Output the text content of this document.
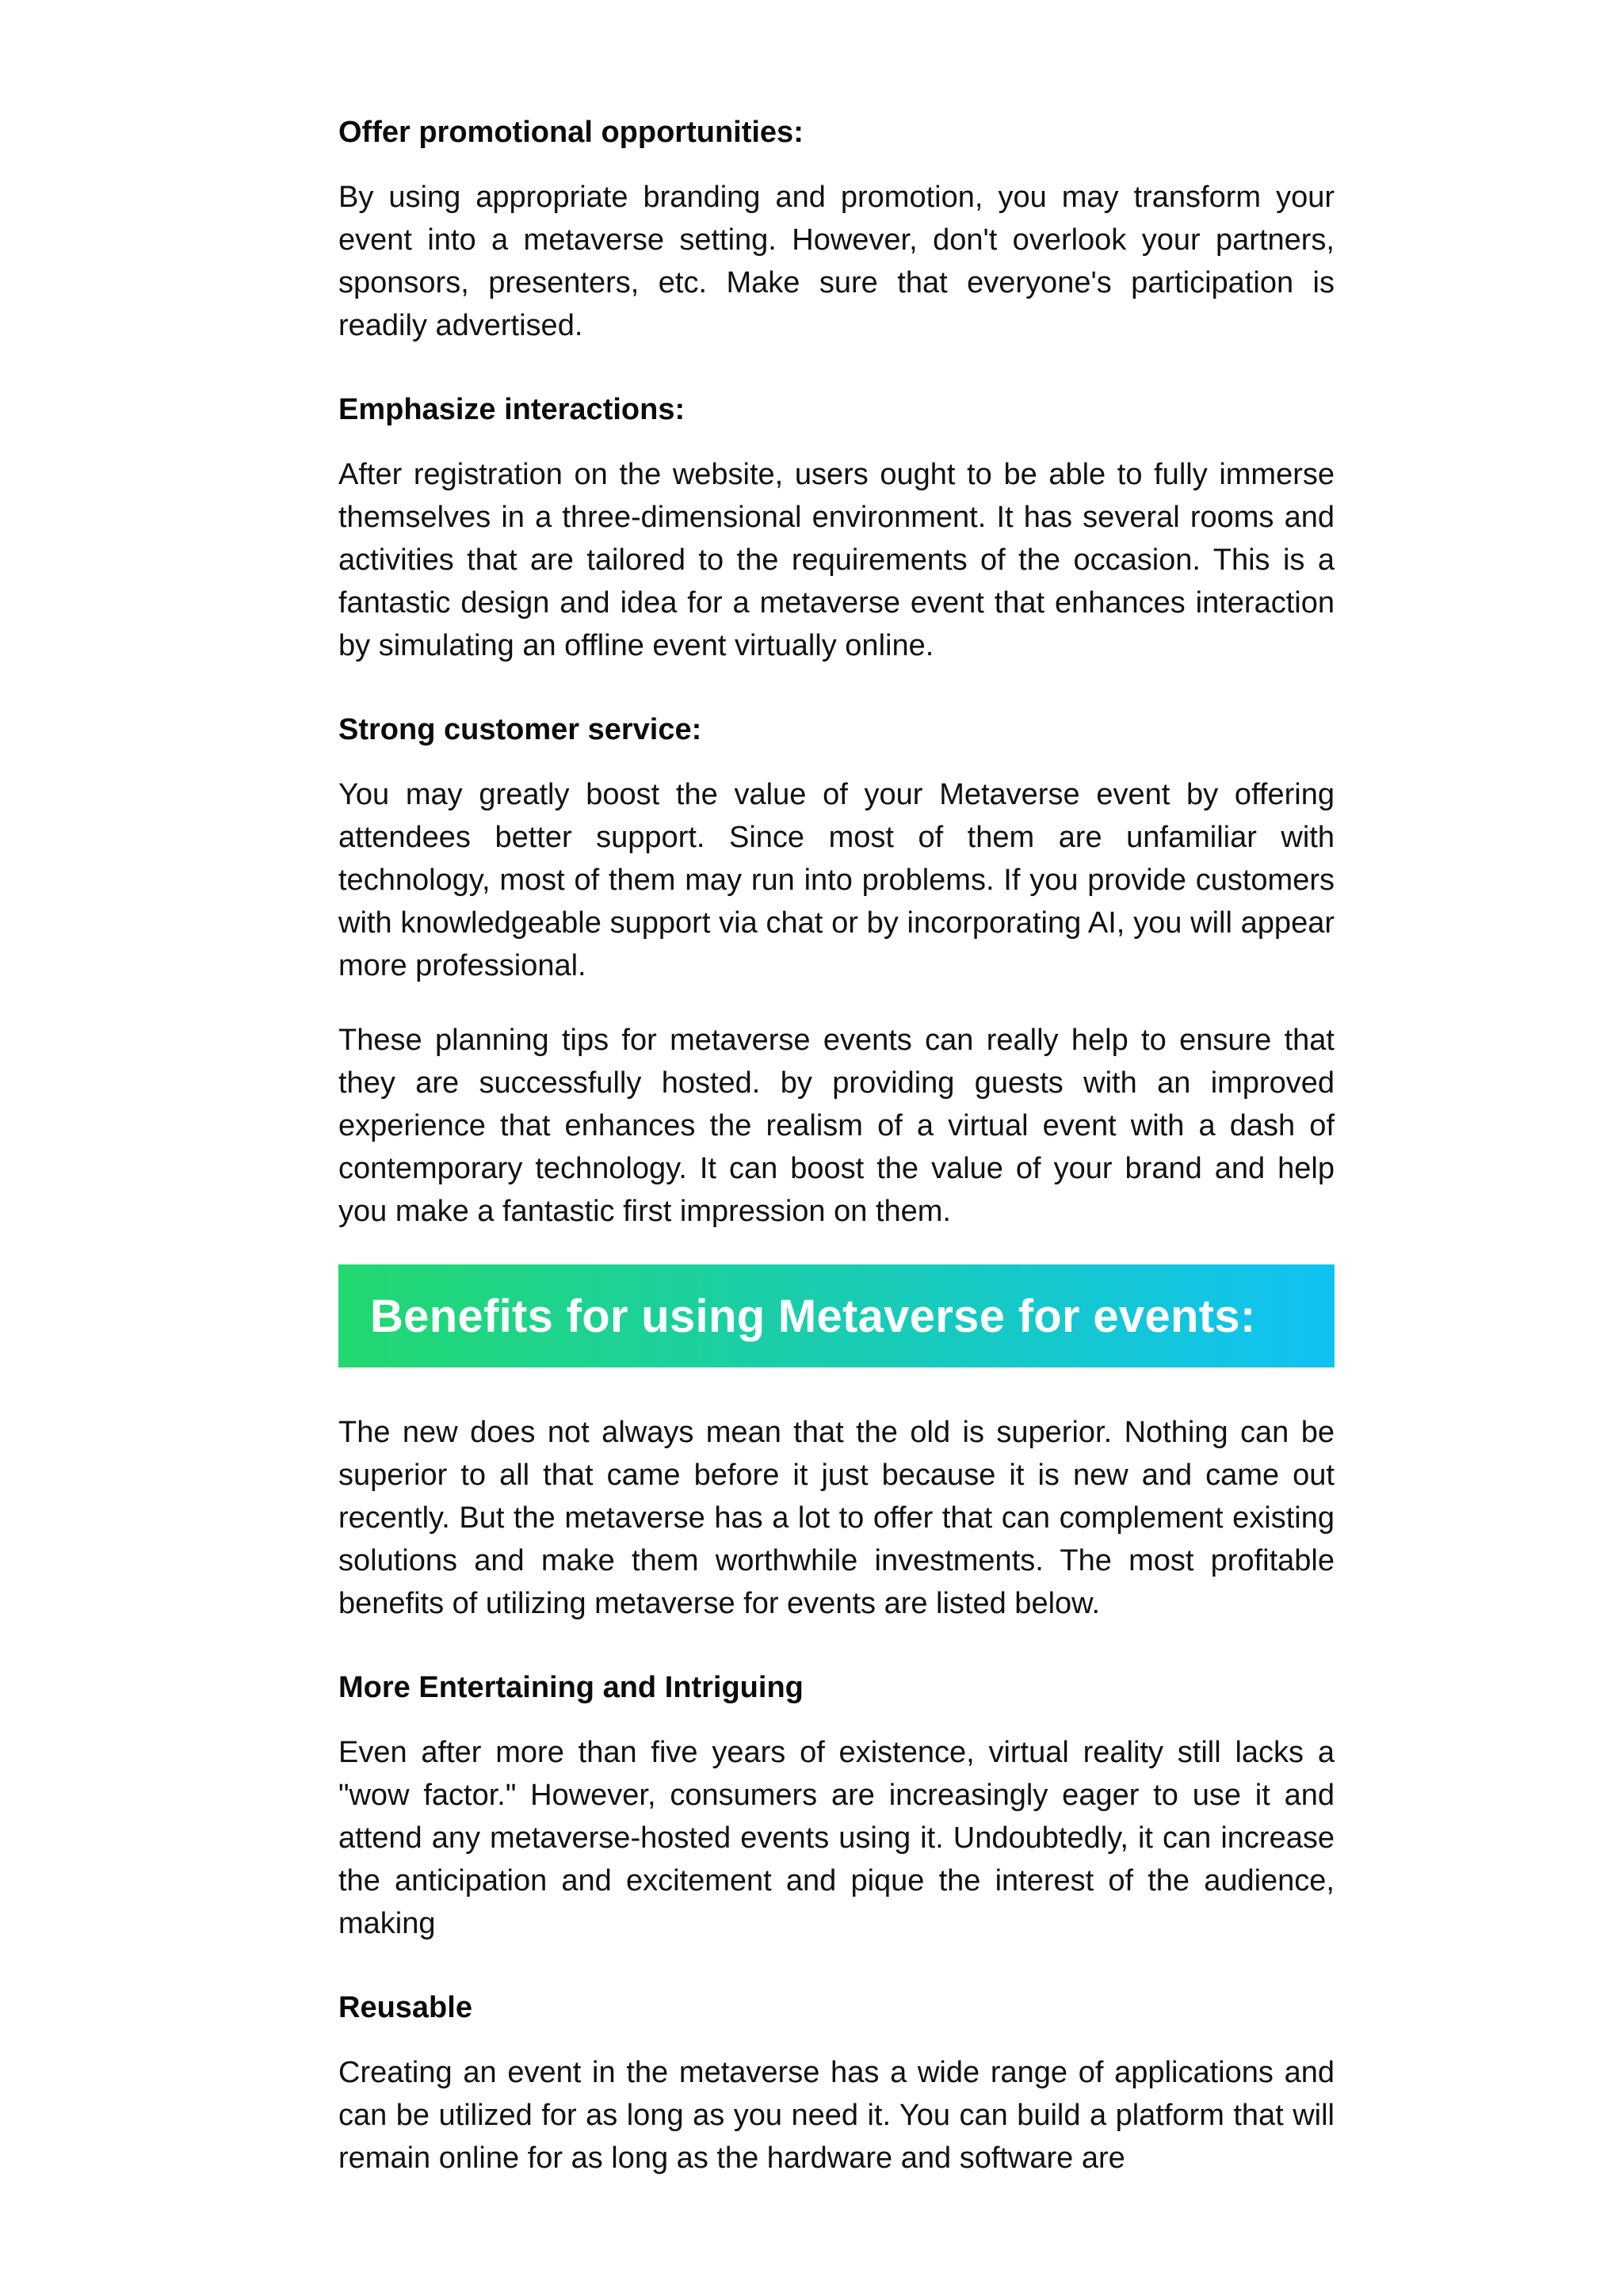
Offer promotional opportunities:

By using appropriate branding and promotion, you may transform your event into a metaverse setting. However, don't overlook your partners, sponsors, presenters, etc. Make sure that everyone's participation is readily advertised.

Emphasize interactions:

After registration on the website, users ought to be able to fully immerse themselves in a three-dimensional environment. It has several rooms and activities that are tailored to the requirements of the occasion. This is a fantastic design and idea for a metaverse event that enhances interaction by simulating an offline event virtually online.

Strong customer service:

You may greatly boost the value of your Metaverse event by offering attendees better support. Since most of them are unfamiliar with technology, most of them may run into problems. If you provide customers with knowledgeable support via chat or by incorporating AI, you will appear more professional.

These planning tips for metaverse events can really help to ensure that they are successfully hosted. by providing guests with an improved experience that enhances the realism of a virtual event with a dash of contemporary technology. It can boost the value of your brand and help you make a fantastic first impression on them.

Benefits for using Metaverse for events:

The new does not always mean that the old is superior. Nothing can be superior to all that came before it just because it is new and came out recently. But the metaverse has a lot to offer that can complement existing solutions and make them worthwhile investments. The most profitable benefits of utilizing metaverse for events are listed below.

More Entertaining and Intriguing

Even after more than five years of existence, virtual reality still lacks a "wow factor." However, consumers are increasingly eager to use it and attend any metaverse-hosted events using it. Undoubtedly, it can increase the anticipation and excitement and pique the interest of the audience, making

Reusable

Creating an event in the metaverse has a wide range of applications and can be utilized for as long as you need it. You can build a platform that will remain online for as long as the hardware and software are
